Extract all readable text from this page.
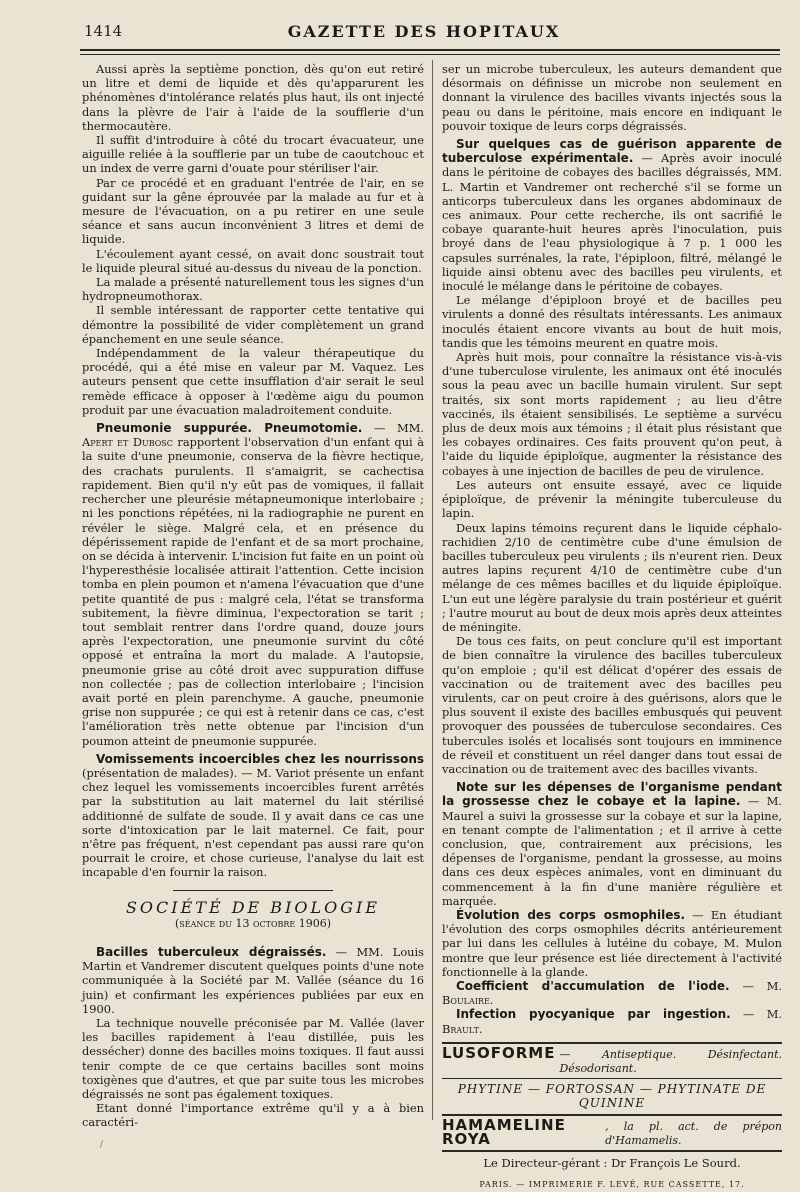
1414	GAZETTE DES HOPITAUX

Aussi après la septième ponction, dès qu'on eut retiré un litre et demi de liquide et dès qu'apparurent les phénomènes d'intolérance relatés plus haut, ils ont injecté dans la plèvre de l'air à l'aide de la soufflerie d'un thermocautère.

Il suffit d'introduire à côté du trocart évacuateur, une aiguille reliée à la soufflerie par un tube de caoutchouc et un index de verre garni d'ouate pour stériliser l'air.

Par ce procédé et en graduant l'entrée de l'air, en se guidant sur la gêne éprouvée par la malade au fur et à mesure de l'évacuation, on a pu retirer en une seule séance et sans aucun inconvénient 3 litres et demi de liquide.

L'écoulement ayant cessé, on avait donc soustrait tout le liquide pleural situé au-dessus du niveau de la ponction.

La malade a présenté naturellement tous les signes d'un hydropneumothorax.

Il semble intéressant de rapporter cette tentative qui démontre la possibilité de vider complètement un grand épanchement en une seule séance.

Indépendamment de la valeur thérapeutique du procédé, qui a été mise en valeur par M. Vaquez. Les auteurs pensent que cette insufflation d'air serait le seul remède efficace à opposer à l'œdème aigu du poumon produit par une évacuation maladroitement conduite.

Pneumonie suppurée. Pneumotomie. — MM. Apert et Dubosc rapportent l'observation d'un enfant qui à la suite d'une pneumonie, conserva de la fièvre hectique, des crachats purulents. Il s'amaigrit, se cachectisa rapidement. Bien qu'il n'y eût pas de vomiques, il fallait rechercher une pleurésie métapneumonique interlobaire ; ni les ponctions répétées, ni la radiographie ne purent en révéler le siège. Malgré cela, et en présence du dépérissement rapide de l'enfant et de sa mort prochaine, on se décida à intervenir. L'incision fut faite en un point où l'hyperesthésie localisée attirait l'attention. Cette incision tomba en plein poumon et n'amena l'évacuation que d'une petite quantité de pus : malgré cela, l'état se transforma subitement, la fièvre diminua, l'expectoration se tarit ; tout semblait rentrer dans l'ordre quand, douze jours après l'expectoration, une pneumonie survint du côté opposé et entraîna la mort du malade. A l'autopsie, pneumonie grise au côté droit avec suppuration diffuse non collectée ; pas de collection interlobaire ; l'incision avait porté en plein parenchyme. A gauche, pneumonie grise non suppurée ; ce qui est à retenir dans ce cas, c'est l'amélioration très nette obtenue par l'incision d'un poumon atteint de pneumonie suppurée.

Vomissements incoercibles chez les nourrissons (présentation de malades). — M. Variot présente un enfant chez lequel les vomissements incoercibles furent arrêtés par la substitution au lait maternel du lait stérilisé additionné de sulfate de soude. Il y avait dans ce cas une sorte d'intoxication par le lait maternel. Ce fait, pour n'être pas fréquent, n'est cependant pas aussi rare qu'on pourrait le croire, et chose curieuse, l'analyse du lait est incapable d'en fournir la raison.

SOCIÉTÉ DE BIOLOGIE
(séance du 13 octobre 1906)

Bacilles tuberculeux dégraissés. — MM. Louis Martin et Vandremer discutent quelques points d'une note communiquée à la Société par M. Vallée (séance du 16 juin) et confirmant les expériences publiées par eux en 1900.

La technique nouvelle préconisée par M. Vallée (laver les bacilles rapidement à l'eau distillée, puis les dessécher) donne des bacilles moins toxiques. Il faut aussi tenir compte de ce que certains bacilles sont moins toxigènes que d'autres, et que par suite tous les microbes dégraissés ne sont pas également toxiques.

Etant donné l'importance extrême qu'il y a à bien caractéri-

ser un microbe tuberculeux, les auteurs demandent que désormais on définisse un microbe non seulement en donnant la virulence des bacilles vivants injectés sous la peau ou dans le péritoine, mais encore en indiquant le pouvoir toxique de leurs corps dégraissés.

Sur quelques cas de guérison apparente de tuberculose expérimentale. — Après avoir inoculé dans le péritoine de cobayes des bacilles dégraissés, MM. L. Martin et Vandremer ont recherché s'il se forme un anticorps tuberculeux dans les organes abdominaux de ces animaux. Pour cette recherche, ils ont sacrifié le cobaye quarante-huit heures après l'inoculation, puis broyé dans de l'eau physiologique à 7 p. 1 000 les capsules surrénales, la rate, l'épiploon, filtré, mélangé le liquide ainsi obtenu avec des bacilles peu virulents, et inoculé le mélange dans le péritoine de cobayes.

Le mélange d'épiploon broyé et de bacilles peu virulents a donné des résultats intéressants. Les animaux inoculés étaient encore vivants au bout de huit mois, tandis que les témoins meurent en quatre mois.

Après huit mois, pour connaître la résistance vis-à-vis d'une tuberculose virulente, les animaux ont été inoculés sous la peau avec un bacille humain virulent. Sur sept traités, six sont morts rapidement ; au lieu d'être vaccinés, ils étaient sensibilisés. Le septième a survécu plus de deux mois aux témoins ; il était plus résistant que les cobayes ordinaires. Ces faits prouvent qu'on peut, à l'aide du liquide épiploïque, augmenter la résistance des cobayes à une injection de bacilles de peu de virulence.

Les auteurs ont ensuite essayé, avec ce liquide épiploïque, de prévenir la méningite tuberculeuse du lapin.

Deux lapins témoins reçurent dans le liquide céphalo-rachidien 2/10 de centimètre cube d'une émulsion de bacilles tuberculeux peu virulents ; ils n'eurent rien. Deux autres lapins reçurent 4/10 de centimètre cube d'un mélange de ces mêmes bacilles et du liquide épiploïque. L'un eut une légère paralysie du train postérieur et guérit ; l'autre mourut au bout de deux mois après deux atteintes de méningite.

De tous ces faits, on peut conclure qu'il est important de bien connaître la virulence des bacilles tuberculeux qu'on emploie ; qu'il est délicat d'opérer des essais de vaccination ou de traitement avec des bacilles peu virulents, car on peut croire à des guérisons, alors que le plus souvent il existe des bacilles embusqués qui peuvent provoquer des poussées de tuberculose secondaires. Ces tubercules isolés et localisés sont toujours en imminence de réveil et constituent un réel danger dans tout essai de vaccination ou de traitement avec des bacilles vivants.

Note sur les dépenses de l'organisme pendant la grossesse chez le cobaye et la lapine. — M. Maurel a suivi la grossesse sur la cobaye et sur la lapine, en tenant compte de l'alimentation ; et il arrive à cette conclusion, que, contrairement aux précisions, les dépenses de l'organisme, pendant la grossesse, au moins dans ces deux espèces animales, vont en diminuant du commencement à la fin d'une manière régulière et marquée.

Évolution des corps osmophiles. — En étudiant l'évolution des corps osmophiles décrits antérieurement par lui dans les cellules à lutéine du cobaye, M. Mulon montre que leur présence est liée directement à l'activité fonctionnelle à la glande.

Coefficient d'accumulation de l'iode. — M. Boulaire.

Infection pyocyanique par ingestion. — M. Brault.

LUSOFORME — Antiseptique. Désinfectant. Désodorisant.
PHYTINE — FORTOSSAN — PHYTINATE DE QUININE
HAMAMELINE ROYA
, la pl. act. de prépon d'Hamamelis.
Le Directeur-gérant : Dr François Le Sourd.
PARIS. — IMPRIMERIE F. LEVÉ, RUE CASSETTE, 17.
/
